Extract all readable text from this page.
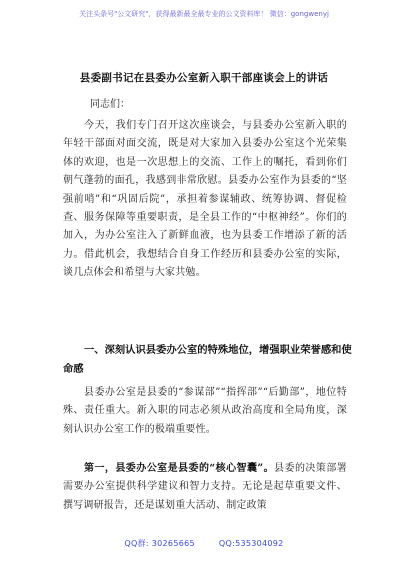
关注头条号"公文研究"，获得最新最全最专业的公文资料库！ 微信：gongwenyj
县委副书记在县委办公室新入职干部座谈会上的讲话
同志们：
今天，我们专门召开这次座谈会，与县委办公室新入职的年轻干部面对面交流，既是对大家加入县委办公室这个光荣集体的欢迎，也是一次思想上的交流、工作上的嘱托，看到你们朝气蓬勃的面孔，我感到非常欣慰。县委办公室作为县委的“坚强前哨”和“巩固后院”，承担着参谋辅政、统筹协调、督促检查、服务保障等重要职责，是全县工作的“中枢神经”。你们的加入，为办公室注入了新鲜血液，也为县委工作增添了新的活力。借此机会，我想结合自身工作经历和县委办公室的实际，谈几点体会和希望与大家共勉。
一、深刻认识县委办公室的特殊地位，增强职业荣誉感和使命感
县委办公室是县委的“参谋部”“指挥部”“后勤部”，地位特殊、责任重大。新入职的同志必须从政治高度和全局角度，深刻认识办公室工作的极端重要性。
第一，县委办公室是县委的“核心智囊”。县委的决策部署需要办公室提供科学建议和智力支持。无论是起草重要文件、撰写调研报告，还是谋划重大活动、制定政策
QQ群: 30265665	QQ:535304092
